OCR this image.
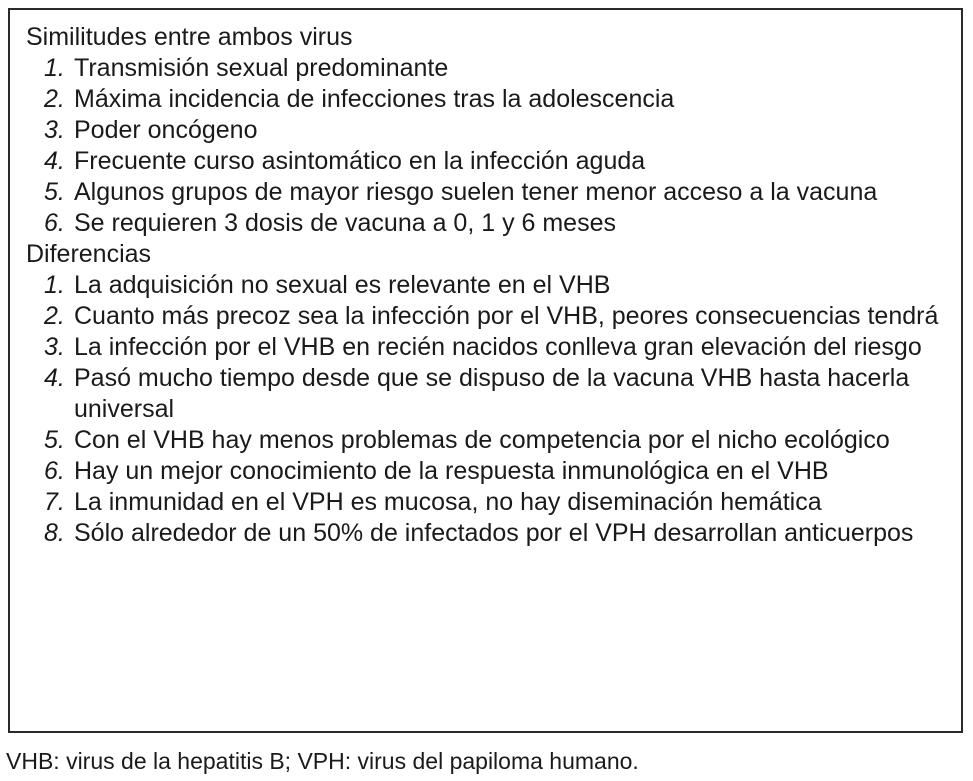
Similitudes entre ambos virus

1. Transmisión sexual predominante
2. Máxima incidencia de infecciones tras la adolescencia
3. Poder oncógeno
4. Frecuente curso asintomático en la infección aguda
5. Algunos grupos de mayor riesgo suelen tener menor acceso a la vacuna
6. Se requieren 3 dosis de vacuna a 0, 1 y 6 meses

Diferencias

1. La adquisición no sexual es relevante en el VHB
2. Cuanto más precoz sea la infección por el VHB, peores consecuencias tendrá
3. La infección por el VHB en recién nacidos conlleva gran elevación del riesgo
4. Pasó mucho tiempo desde que se dispuso de la vacuna VHB hasta hacerla universal
5. Con el VHB hay menos problemas de competencia por el nicho ecológico
6. Hay un mejor conocimiento de la respuesta inmunológica en el VHB
7. La inmunidad en el VPH es mucosa, no hay diseminación hemática
8. Sólo alrededor de un 50% de infectados por el VPH desarrollan anticuerpos

VHB: virus de la hepatitis B; VPH: virus del papiloma humano.
